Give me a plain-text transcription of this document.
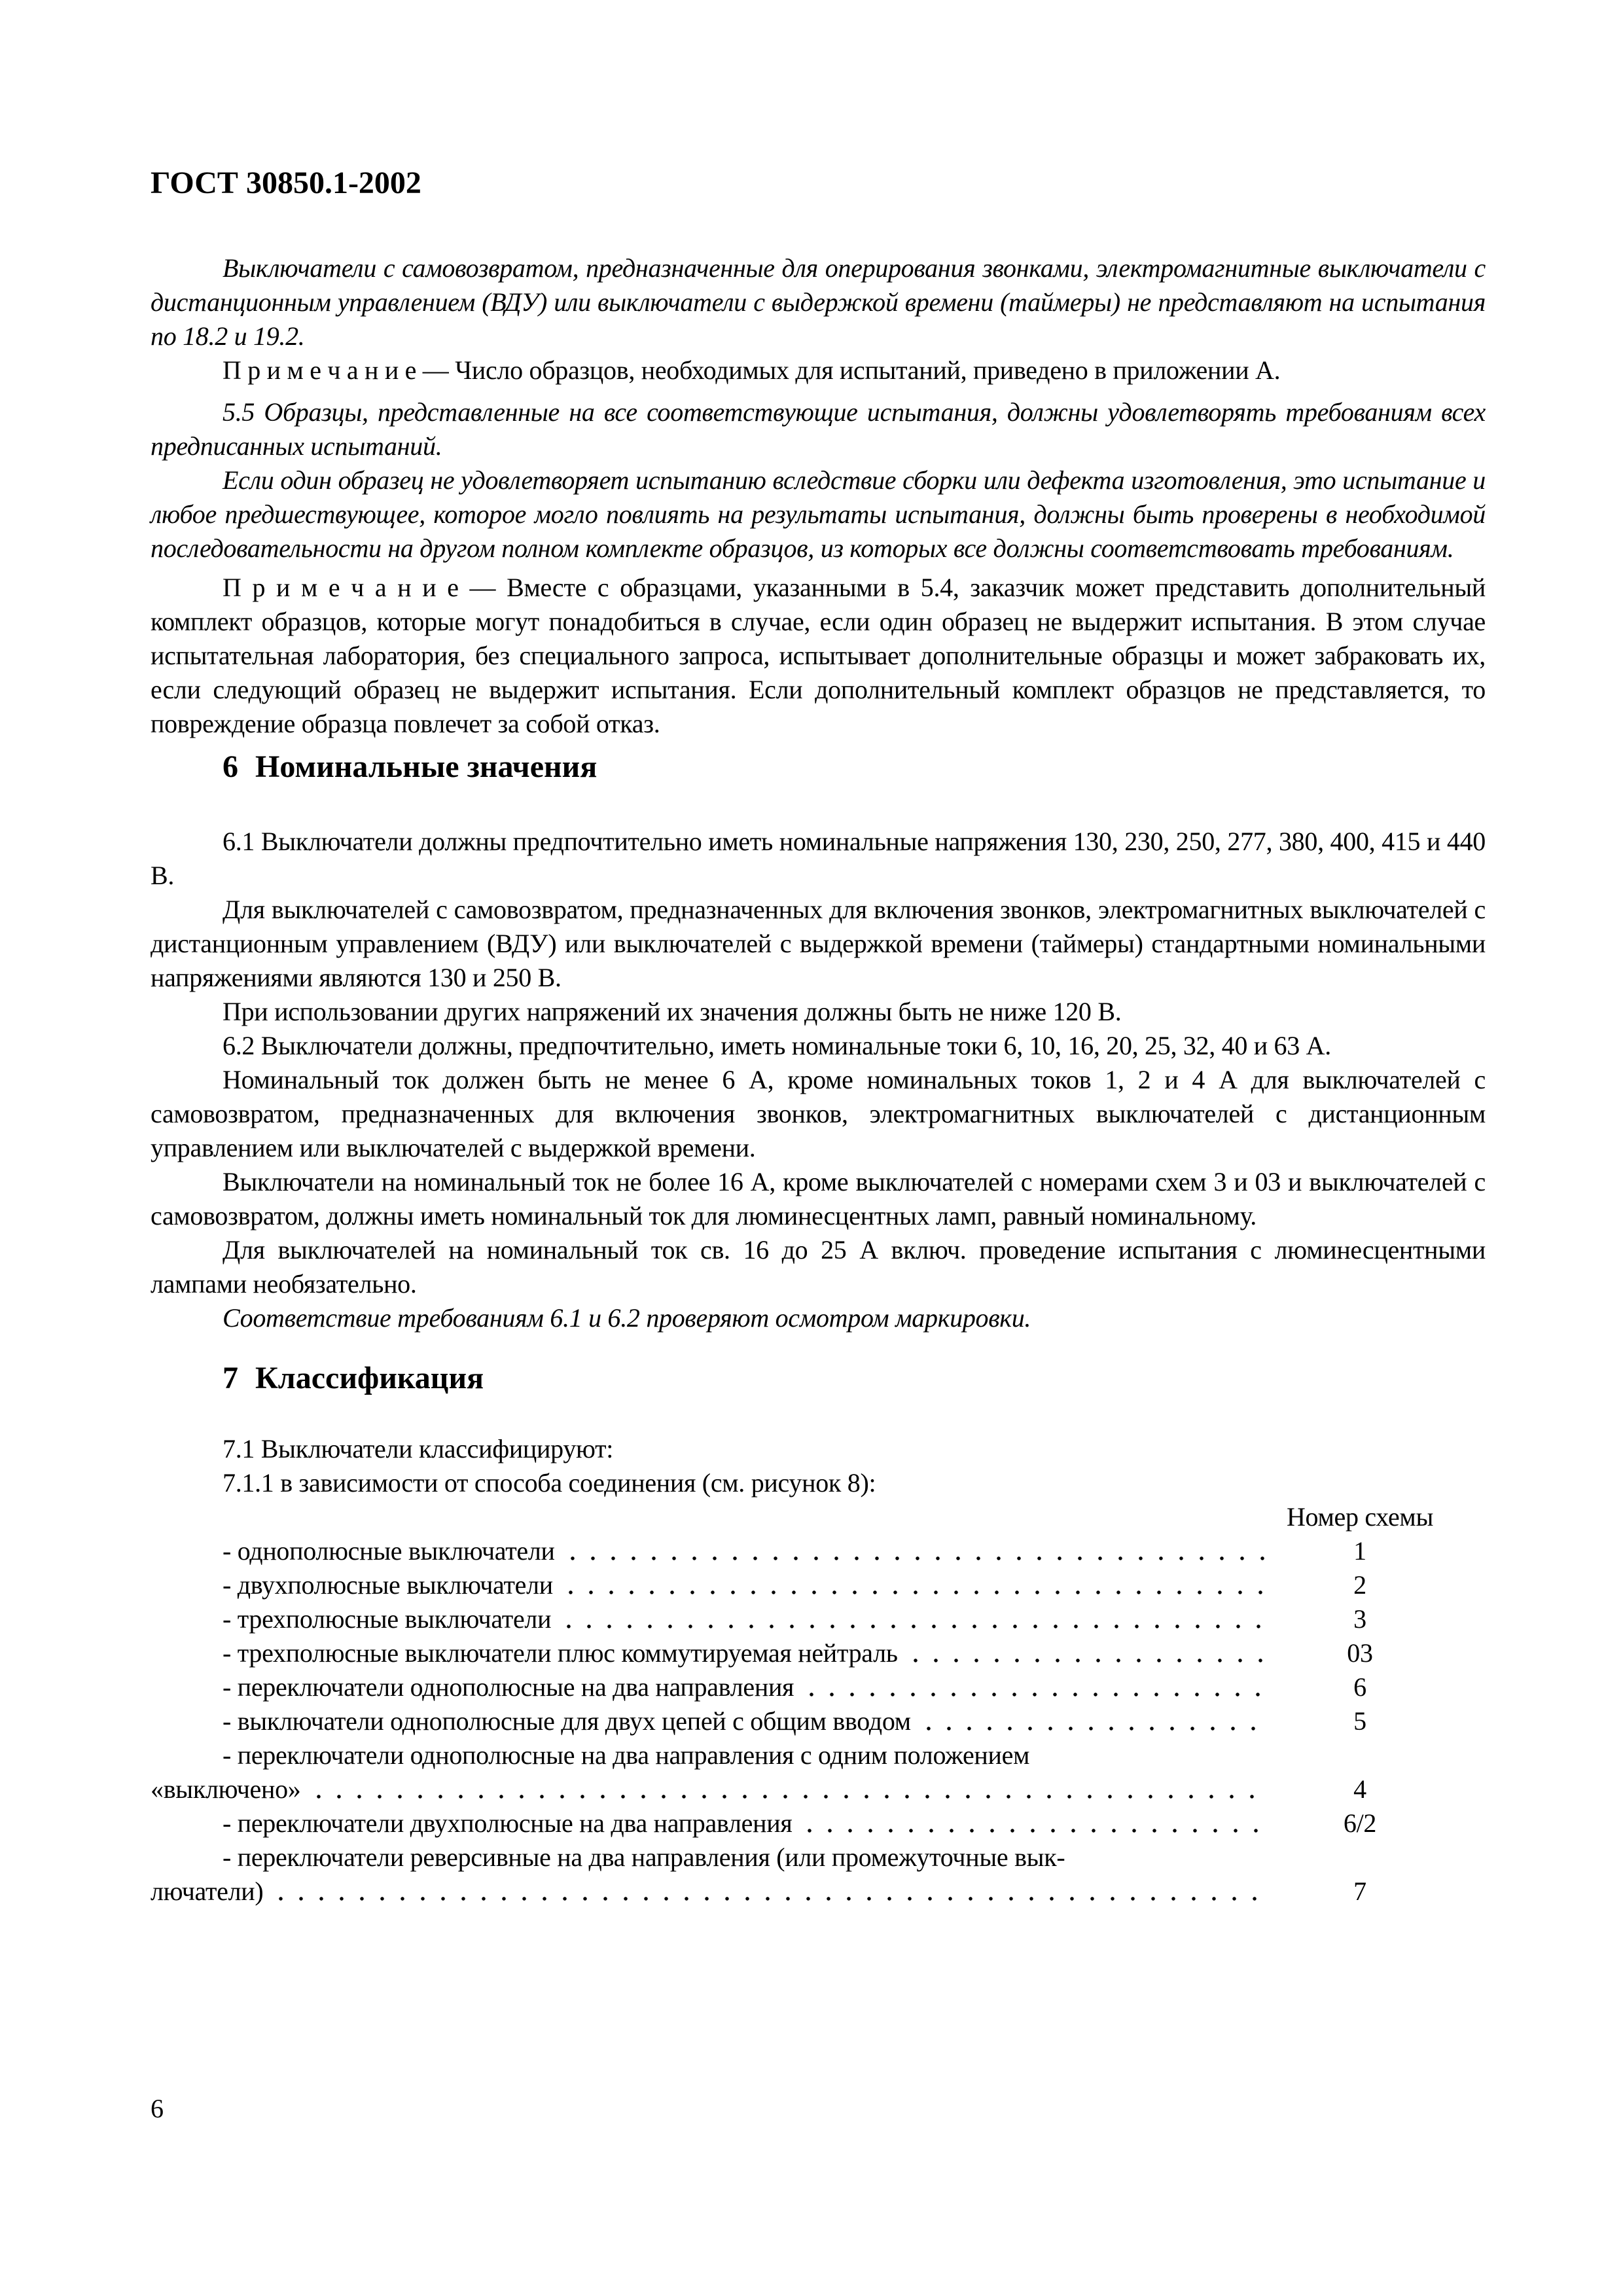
ГОСТ 30850.1-2002

Выключатели с самовозвратом, предназначенные для оперирования звонками, электромагнитные выключатели с дистанционным управлением (ВДУ) или выключатели с выдержкой времени (таймеры) не представляют на испытания по 18.2 и 19.2.

П р и м е ч а н и е — Число образцов, необходимых для испытаний, приведено в приложении А.

5.5 Образцы, представленные на все соответствующие испытания, должны удовлетворять требованиям всех предписанных испытаний.

Если один образец не удовлетворяет испытанию вследствие сборки или дефекта изготовления, это испытание и любое предшествующее, которое могло повлиять на результаты испытания, должны быть проверены в необходимой последовательности на другом полном комплекте образцов, из которых все должны соответствовать требованиям.

П р и м е ч а н и е — Вместе с образцами, указанными в 5.4, заказчик может представить дополнительный комплект образцов, которые могут понадобиться в случае, если один образец не выдержит испытания. В этом случае испытательная лаборатория, без специального запроса, испытывает дополнительные образцы и может забраковать их, если следующий образец не выдержит испытания. Если дополнительный комплект образцов не представляется, то повреждение образца повлечет за собой отказ.

6 Номинальные значения

6.1 Выключатели должны предпочтительно иметь номинальные напряжения 130, 230, 250, 277, 380, 400, 415 и 440 В.

Для выключателей с самовозвратом, предназначенных для включения звонков, электромагнитных выключателей с дистанционным управлением (ВДУ) или выключателей с выдержкой времени (таймеры) стандартными номинальными напряжениями являются 130 и 250 В.

При использовании других напряжений их значения должны быть не ниже 120 В.

6.2 Выключатели должны, предпочтительно, иметь номинальные токи 6, 10, 16, 20, 25, 32, 40 и 63 А.

Номинальный ток должен быть не менее 6 А, кроме номинальных токов 1, 2 и 4 А для выключателей с самовозвратом, предназначенных для включения звонков, электромагнитных выключателей с дистанционным управлением или выключателей с выдержкой времени.

Выключатели на номинальный ток не более 16 А, кроме выключателей с номерами схем 3 и 03 и выключателей с самовозвратом, должны иметь номинальный ток для люминесцентных ламп, равный номинальному.

Для выключателей на номинальный ток св. 16 до 25 А включ. проведение испытания с люминесцентными лампами необязательно.

Соответствие требованиям 6.1 и 6.2 проверяют осмотром маркировки.

7 Классификация

7.1 Выключатели классифицируют:

7.1.1 в зависимости от способа соединения (см. рисунок 8):

Номер схемы
- однополюсные выключатели	1
- двухполюсные выключатели	2
- трехполюсные выключатели	3
- трехполюсные выключатели плюс коммутируемая нейтраль	03
- переключатели однополюсные на два направления	6
- выключатели однополюсные для двух цепей с общим вводом	5
- переключатели однополюсные на два направления с одним положением
«выключено»	4
- переключатели двухполюсные на два направления	6/2
- переключатели реверсивные на два направления (или промежуточные вык-
лючатели)	7
6
